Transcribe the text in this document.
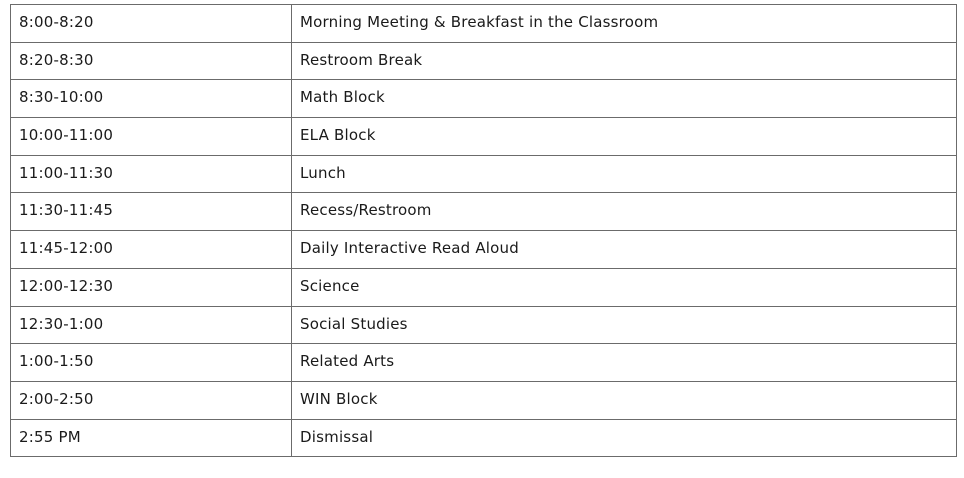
8:00-8:20	Morning Meeting & Breakfast in the Classroom
8:20-8:30	Restroom Break
8:30-10:00	Math Block
10:00-11:00	ELA Block
11:00-11:30	Lunch
11:30-11:45	Recess/Restroom
11:45-12:00	Daily Interactive Read Aloud
12:00-12:30	Science
12:30-1:00	Social Studies
1:00-1:50	Related Arts
2:00-2:50	WIN Block
2:55 PM	Dismissal
